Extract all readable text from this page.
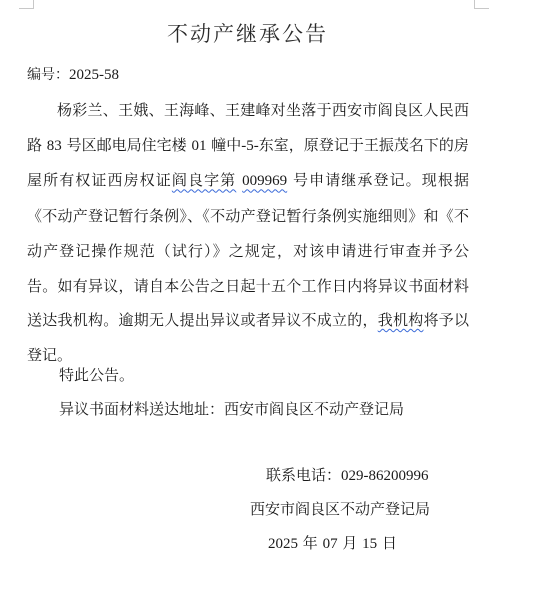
不动产继承公告
编号：2025-58

杨彩兰、王娥、王海峰、王建峰对坐落于西安市阎良区人民西路 83 号区邮电局住宅楼 01 幢中-5-东室，原登记于王振茂名下的房屋所有权证西房权证阎良字第 009969 号申请继承登记。现根据《不动产登记暂行条例》、《不动产登记暂行条例实施细则》和《不动产登记操作规范（试行）》之规定，对该申请进行审查并予公告。如有异议，请自本公告之日起十五个工作日内将异议书面材料送达我机构。逾期无人提出异议或者异议不成立的，我机构将予以登记。

特此公告。
异议书面材料送达地址：西安市阎良区不动产登记局
联系电话：029-86200996
西安市阎良区不动产登记局
2025 年 07 月 15 日
